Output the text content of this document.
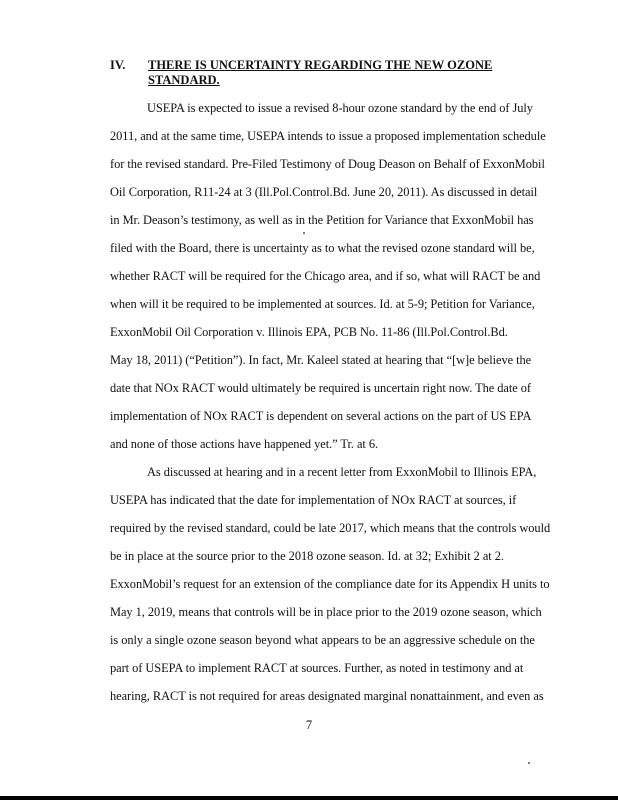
IV. THERE IS UNCERTAINTY REGARDING THE NEW OZONE
STANDARD.
USEPA is expected to issue a revised 8-hour ozone standard by the end of July
2011, and at the same time, USEPA intends to issue a proposed implementation schedule
for the revised standard. Pre-Filed Testimony of Doug Deason on Behalf of ExxonMobil
Oil Corporation, R11-24 at 3 (Ill.Pol.Control.Bd. June 20, 2011). As discussed in detail
in Mr. Deason’s testimony, as well as in the Petition for Variance that ExxonMobil has
filed with the Board, there is uncertainty as to what the revised ozone standard will be,
whether RACT will be required for the Chicago area, and if so, what will RACT be and
when will it be required to be implemented at sources. Id. at 5-9; Petition for Variance,
ExxonMobil Oil Corporation v. Illinois EPA, PCB No. 11-86 (Ill.Pol.Control.Bd.
May 18, 2011) (“Petition”). In fact, Mr. Kaleel stated at hearing that “[w]e believe the
date that NOx RACT would ultimately be required is uncertain right now. The date of
implementation of NOx RACT is dependent on several actions on the part of US EPA
and none of those actions have happened yet.” Tr. at 6.
As discussed at hearing and in a recent letter from ExxonMobil to Illinois EPA,
USEPA has indicated that the date for implementation of NOx RACT at sources, if
required by the revised standard, could be late 2017, which means that the controls would
be in place at the source prior to the 2018 ozone season. Id. at 32; Exhibit 2 at 2.
ExxonMobil’s request for an extension of the compliance date for its Appendix H units to
May 1, 2019, means that controls will be in place prior to the 2019 ozone season, which
is only a single ozone season beyond what appears to be an aggressive schedule on the
part of USEPA to implement RACT at sources. Further, as noted in testimony and at
hearing, RACT is not required for areas designated marginal nonattainment, and even as
7
